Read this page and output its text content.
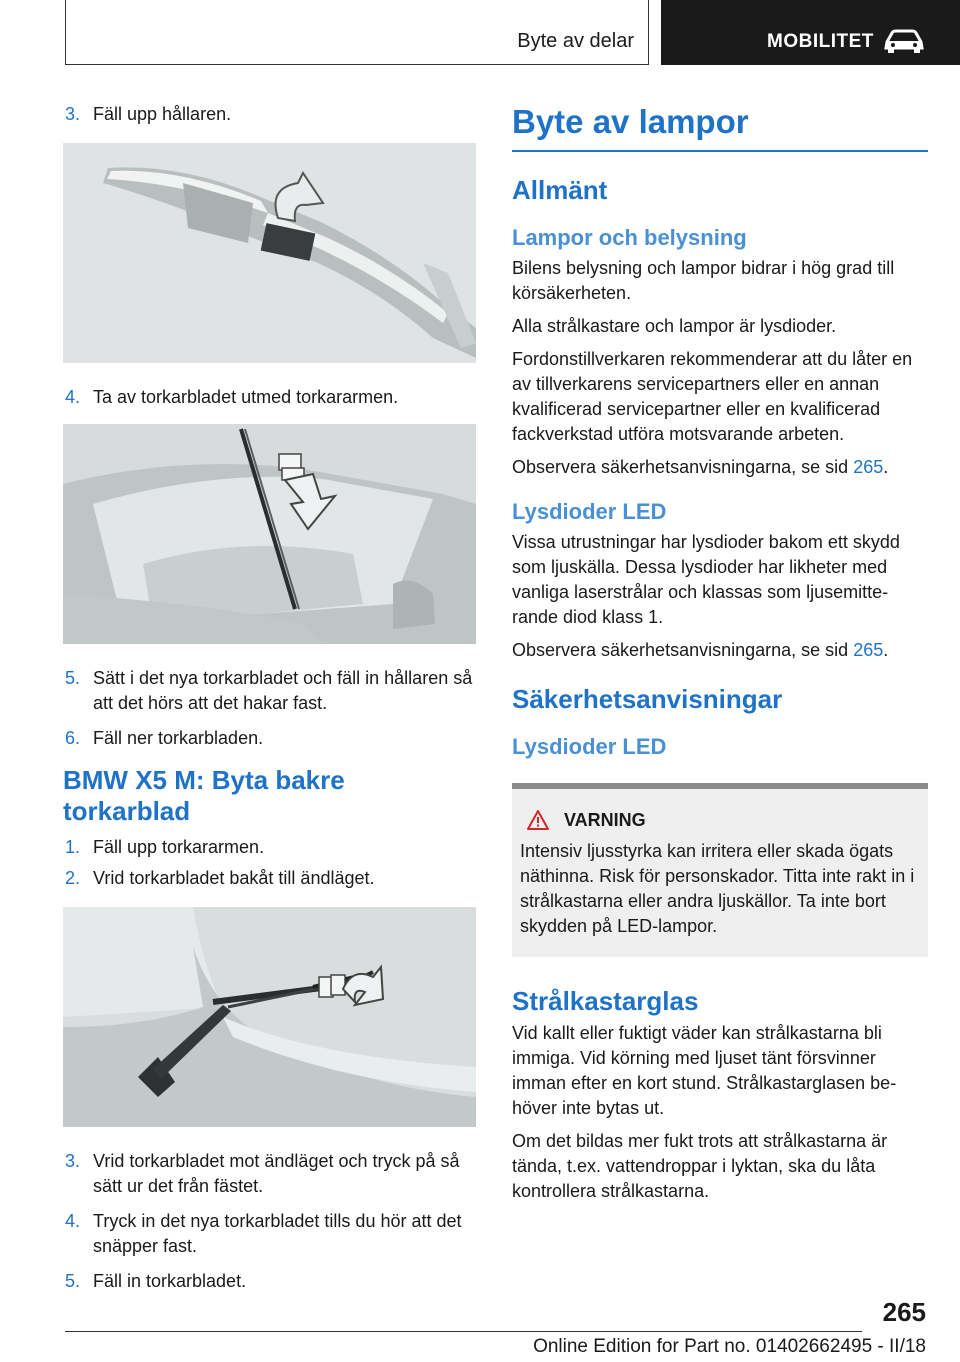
Byte av delar	MOBILITET
3. Fäll upp hållaren.
4. Ta av torkarbladet utmed torkararmen.
5. Sätt i det nya torkarbladet och fäll in hållaren så att det hörs att det hakar fast.
6. Fäll ner torkarbladen.
BMW X5 M: Byta bakre torkarblad
1. Fäll upp torkararmen.
2. Vrid torkarbladet bakåt till ändläget.
3. Vrid torkarbladet mot ändläget och tryck på så sätt ur det från fästet.
4. Tryck in det nya torkarbladet tills du hör att det snäpper fast.
5. Fäll in torkarbladet.
Byte av lampor
Allmänt
Lampor och belysning

Bilens belysning och lampor bidrar i hög grad till körsäkerheten.

Alla strålkastare och lampor är lysdioder.

Fordonstillverkaren rekommenderar att du låter en av tillverkarens servicepartners eller en annan kvalificerad servicepartner eller en kvalificerad fackverkstad utföra motsvarande arbeten.

Observera säkerhetsanvisningarna, se sid 265.

Lysdioder LED

Vissa utrustningar har lysdioder bakom ett skydd som ljuskälla. Dessa lysdioder har likheter med vanliga laserstrålar och klassas som ljusemitterande diod klass 1.

Observera säkerhetsanvisningarna, se sid 265.

Säkerhetsanvisningar
Lysdioder LED
VARNING
Intensiv ljusstyrka kan irritera eller skada ögats näthinna. Risk för personskador. Titta inte rakt in i strålkastarna eller andra ljuskällor. Ta inte bort skydden på LED-lampor.
Strålkastarglas

Vid kallt eller fuktigt väder kan strålkastarna bli immiga. Vid körning med ljuset tänt försvinner imman efter en kort stund. Strålkastarglasen behöver inte bytas ut.

Om det bildas mer fukt trots att strålkastarna är tända, t.ex. vattendroppar i lyktan, ska du låta kontrollera strålkastarna.

265
Online Edition for Part no. 01402662495 - II/18
